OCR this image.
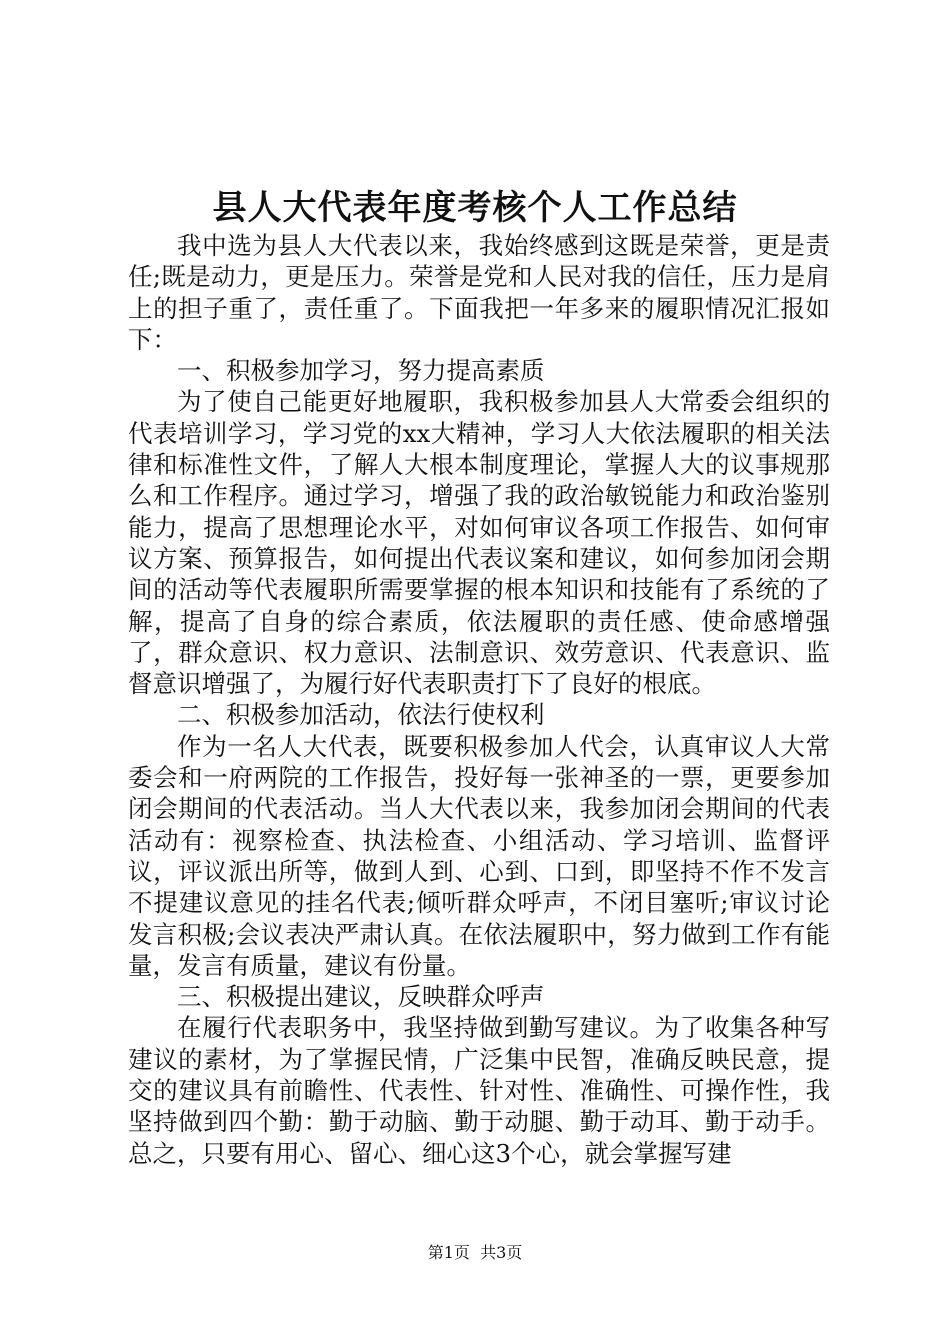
县人大代表年度考核个人工作总结

我中选为县人大代表以来，我始终感到这既是荣誉，更是责任;既是动力，更是压力。荣誉是党和人民对我的信任，压力是肩上的担子重了，责任重了。下面我把一年多来的履职情况汇报如下：

一、积极参加学习，努力提高素质

为了使自己能更好地履职，我积极参加县人大常委会组织的代表培训学习，学习党的xx大精神，学习人大依法履职的相关法律和标准性文件，了解人大根本制度理论，掌握人大的议事规那么和工作程序。通过学习，增强了我的政治敏锐能力和政治鉴别能力，提高了思想理论水平，对如何审议各项工作报告、如何审议方案、预算报告，如何提出代表议案和建议，如何参加闭会期间的活动等代表履职所需要掌握的根本知识和技能有了系统的了解，提高了自身的综合素质，依法履职的责任感、使命感增强了，群众意识、权力意识、法制意识、效劳意识、代表意识、监督意识增强了，为履行好代表职责打下了良好的根底。

二、积极参加活动，依法行使权利

作为一名人大代表，既要积极参加人代会，认真审议人大常委会和一府两院的工作报告，投好每一张神圣的一票，更要参加闭会期间的代表活动。当人大代表以来，我参加闭会期间的代表活动有：视察检查、执法检查、小组活动、学习培训、监督评议，评议派出所等，做到人到、心到、口到，即坚持不作不发言不提建议意见的挂名代表;倾听群众呼声，不闭目塞听;审议讨论发言积极;会议表决严肃认真。在依法履职中，努力做到工作有能量，发言有质量，建议有份量。

三、积极提出建议，反映群众呼声

在履行代表职务中，我坚持做到勤写建议。为了收集各种写建议的素材，为了掌握民情，广泛集中民智，准确反映民意，提交的建议具有前瞻性、代表性、针对性、准确性、可操作性，我坚持做到四个勤：勤于动脑、勤于动腿、勤于动耳、勤于动手。总之，只要有用心、留心、细心这3个心，就会掌握写建

第1页  共3页
